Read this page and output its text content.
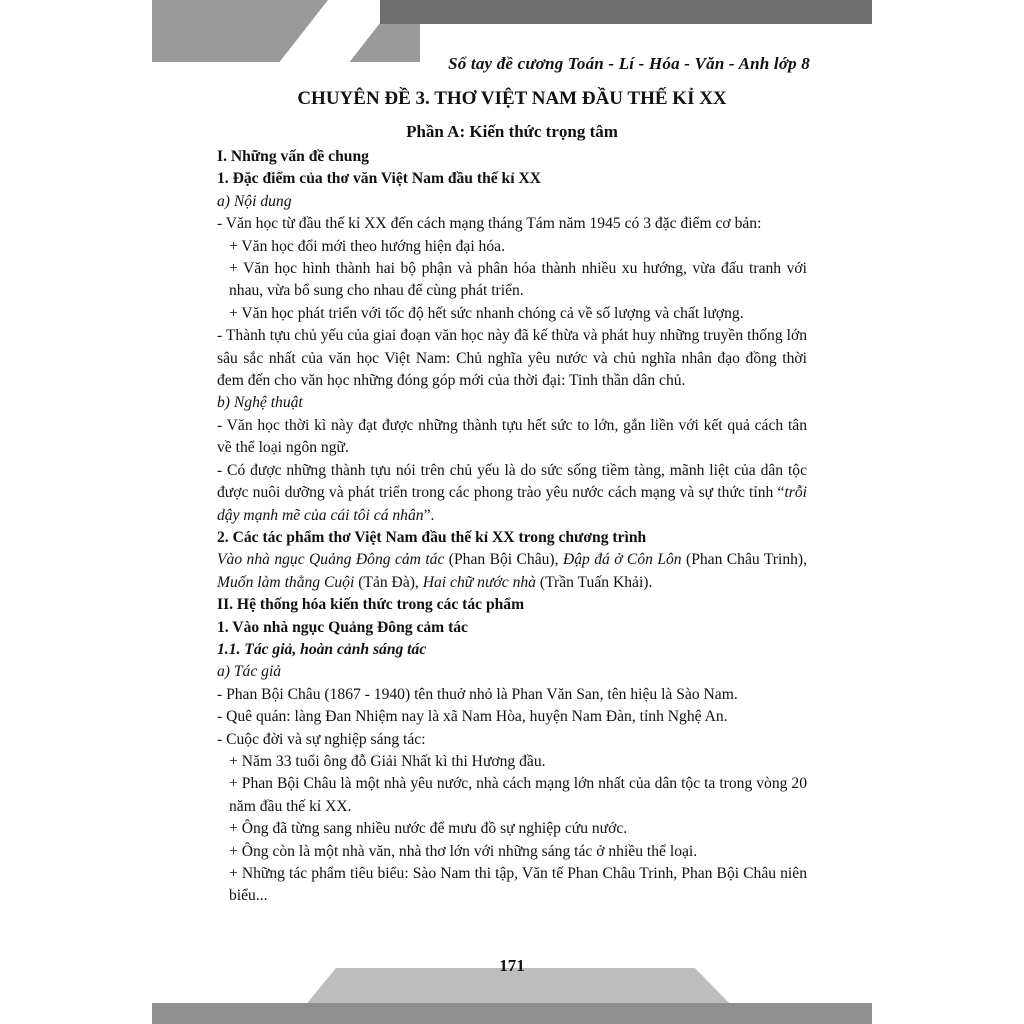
Sổ tay đề cương Toán - Lí - Hóa - Văn - Anh lớp 8
CHUYÊN ĐỀ 3. THƠ VIỆT NAM ĐẦU THẾ KỈ XX
Phần A: Kiến thức trọng tâm

I. Những vấn đề chung

1. Đặc điểm của thơ văn Việt Nam đầu thế kỉ XX

a) Nội dung

- Văn học từ đầu thế kỉ XX đến cách mạng tháng Tám năm 1945 có 3 đặc điểm cơ bản:

+ Văn học đổi mới theo hướng hiện đại hóa.

+ Văn học hình thành hai bộ phận và phân hóa thành nhiều xu hướng, vừa đấu tranh với nhau, vừa bổ sung cho nhau để cùng phát triển.

+ Văn học phát triển với tốc độ hết sức nhanh chóng cả về số lượng và chất lượng.

- Thành tựu chủ yếu của giai đoạn văn học này đã kế thừa và phát huy những truyền thống lớn sâu sắc nhất của văn học Việt Nam: Chủ nghĩa yêu nước và chủ nghĩa nhân đạo đồng thời đem đến cho văn học những đóng góp mới của thời đại: Tinh thần dân chủ.

b) Nghệ thuật

- Văn học thời kì này đạt được những thành tựu hết sức to lớn, gắn liền với kết quả cách tân về thể loại ngôn ngữ.

- Có được những thành tựu nói trên chủ yếu là do sức sống tiềm tàng, mãnh liệt của dân tộc được nuôi dưỡng và phát triển trong các phong trào yêu nước cách mạng và sự thức tỉnh “trỗi dậy mạnh mẽ của cái tôi cá nhân”.

2. Các tác phẩm thơ Việt Nam đầu thế kỉ XX trong chương trình

Vào nhà ngục Quảng Đông cảm tác (Phan Bội Châu), Đập đá ở Côn Lôn (Phan Châu Trinh), Muốn làm thằng Cuội (Tản Đà), Hai chữ nước nhà (Trần Tuấn Khải).

II. Hệ thống hóa kiến thức trong các tác phẩm

1. Vào nhà ngục Quảng Đông cảm tác

1.1. Tác giả, hoàn cảnh sáng tác

a) Tác giả

- Phan Bội Châu (1867 - 1940) tên thuở nhỏ là Phan Văn San, tên hiệu là Sào Nam.

- Quê quán: làng Đan Nhiệm nay là xã Nam Hòa, huyện Nam Đàn, tỉnh Nghệ An.

- Cuộc đời và sự nghiệp sáng tác:

+ Năm 33 tuổi ông đỗ Giải Nhất kì thi Hương đầu.

+ Phan Bội Châu là một nhà yêu nước, nhà cách mạng lớn nhất của dân tộc ta trong vòng 20 năm đầu thế kỉ XX.

+ Ông đã từng sang nhiều nước để mưu đồ sự nghiệp cứu nước.

+ Ông còn là một nhà văn, nhà thơ lớn với những sáng tác ở nhiều thể loại.

+ Những tác phẩm tiêu biểu: Sào Nam thi tập, Văn tế Phan Châu Trinh, Phan Bội Châu niên biểu...

171
